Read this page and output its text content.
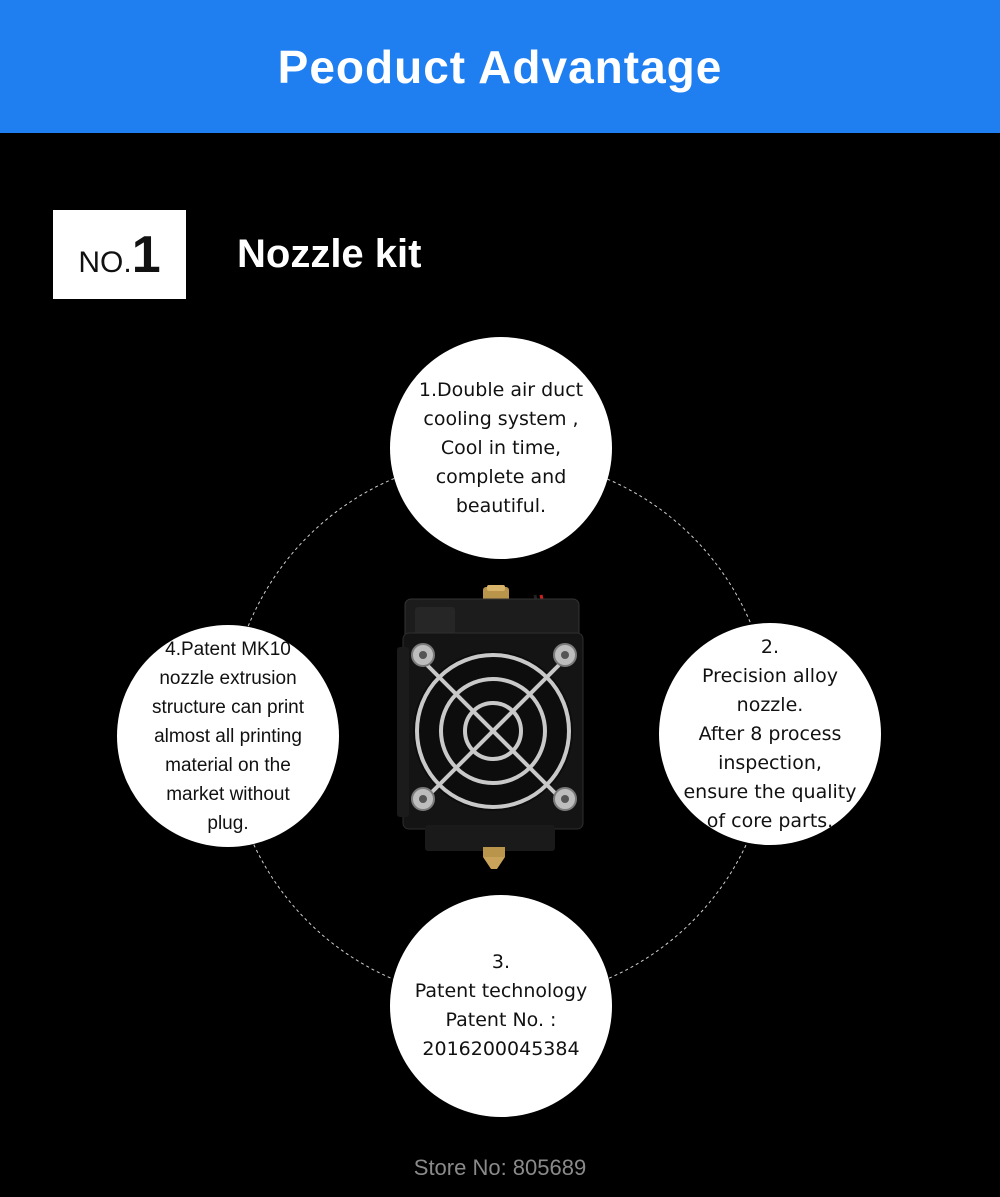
Peoduct Advantage
NO. 1 Nozzle kit
1.Double air duct
cooling system ,
Cool in time,
complete and
beautiful.
2.
Precision alloy
nozzle.
After 8 process
inspection,
ensure the quality
of core parts.
3.
Patent technology
Patent No. :
2016200045384
4.Patent MK10
nozzle extrusion
structure can print
almost all printing
material on the
market without
plug.
Store No: 805689
